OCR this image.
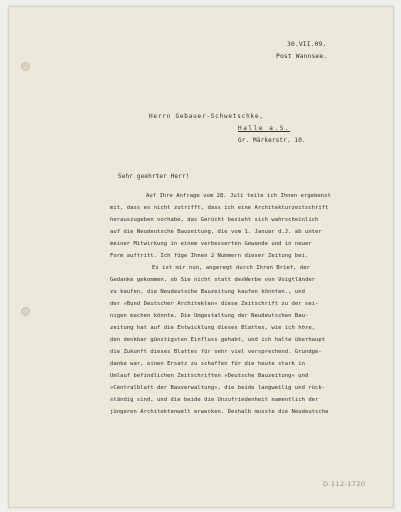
30.VII.09.
Post Wannsee.
Herrn Gebauer-Schwetschke,
Halle a.S.
Gr. Märkerstr. 10.
Sehr geehrter Herr!
Auf Ihre Anfrage vom 28. Juli teile ich Ihnen ergebenst
mit, dass es nicht zutrifft, dass ich eine Architekturzeitschrift
herauszugeben vorhabe, das Gerücht bezieht sich wahrscheinlich
auf die Neudeutsche Bauzeitung, die vom 1. Januar d.J. ab unter
meiner Mitwirkung in einem verbesserten Gewande und in neuer
Form auftritt. Ich füge Ihnen 2 Nummern dieser Zeitung bei.
Es ist mir nun, angeregt durch Ihren Brief, der
Gedanke gekommen, ob Sie nicht statt desWerbe von Voigtländer
zu kaufen, die Neudeutsche Bauzeitung kaufen könnten., und
der »Bund Deutscher Architekten« diese Zeitschrift zu der sei-
nigen machen könnte. Die Umgestaltung der Neudeutschen Bau-
zeitung hat auf die Entwicklung dieses Blattes, wie ich höre,
den denkbar günstigsten Einfluss gehabt, und ich halte überhaupt
die Zukunft dieses Blattes für sehr viel versprechend. Grundge-
danke war, einen Ersatz zu schaffen für die heute stark in
Umlauf befindlichen Zeitschriften »Deutsche Bauzeitung« und
»Centralblatt der Bauverwaltung«, die beide langweilig und rück-
ständig sind, und die beide die Unzufriedenheit namentlich der
jüngeren Architektenwelt erwecken. Deshalb musste die Neudeutsche
D 112-1720
